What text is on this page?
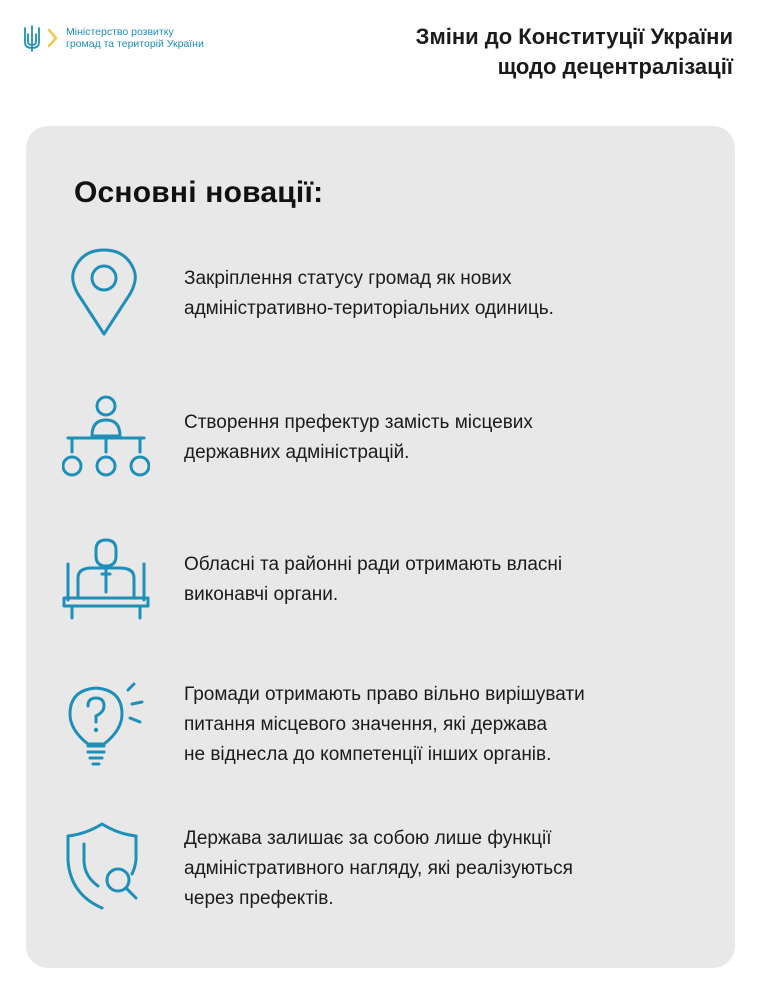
Міністерство розвитку
громад та територій України	Зміни до Конституції України
щодо децентралізації
Основні новації:
Закріплення статусу громад як нових
адміністративно-територіальних одиниць.
Створення префектур замість місцевих
державних адміністрацій.
Обласні та районні ради отримають власні
виконавчі органи.
Громади отримають право вільно вирішувати
питання місцевого значення, які держава
не віднесла до компетенції інших органів.
Держава залишає за собою лише функції
адміністративного нагляду, які реалізуються
через префектів.
